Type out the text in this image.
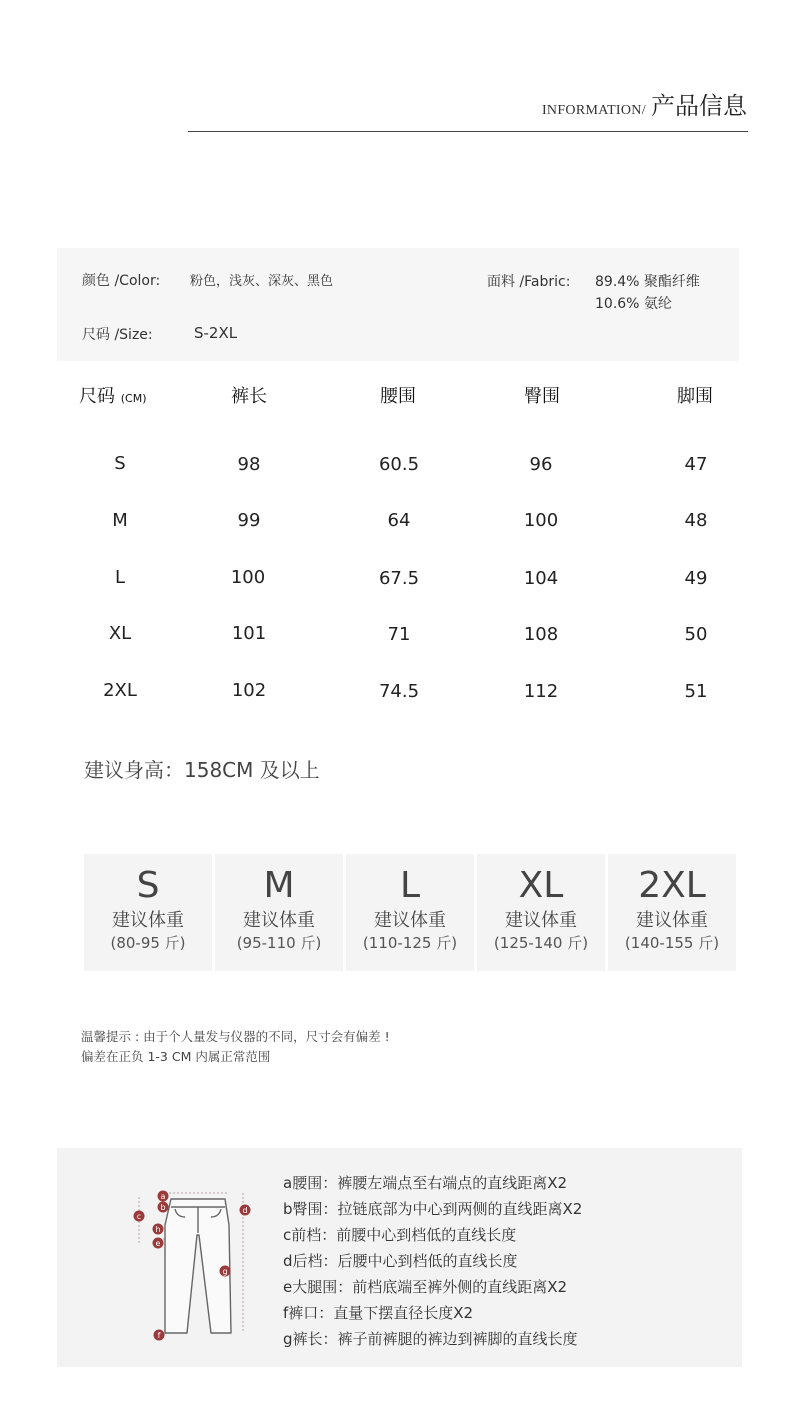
INFORMATION/ 产品信息
颜色 /Color: 粉色，浅灰、深灰、黑色	面料 /Fabric: 89.4% 聚酯纤维
10.6% 氨纶
尺码 /Size:	S-2XL
尺码 (CM)	裤长	腰围	臀围	脚围
S	98	60.5	96	47
M	99	64	100	48
L	100	67.5	104	49
XL	101	71	108	50
2XL	102	74.5	112	51
建议身高：158CM 及以上
S
建议体重
(80-95 斤)
M
建议体重
(95-110 斤)
L
建议体重
(110-125 斤)
XL
建议体重
(125-140 斤)
2XL
建议体重
(140-155 斤)
温馨提示 : 由于个人量发与仪器的不同，尺寸会有偏差 !
偏差在正负 1-3 CM 内属正常范围
a
b
c
d
e
f
g
h
a腰围：裤腰左端点至右端点的直线距离X2
b臀围：拉链底部为中心到两侧的直线距离X2
c前档：前腰中心到档低的直线长度
d后档：后腰中心到档低的直线长度
e大腿围：前档底端至裤外侧的直线距离X2
f裤口：直量下摆直径长度X2
g裤长：裤子前裤腿的裤边到裤脚的直线长度
